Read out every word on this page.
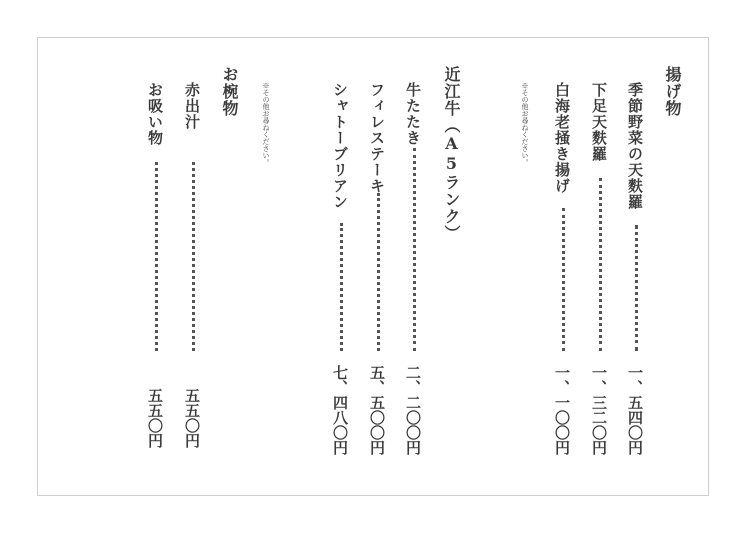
揚げ物
季節野菜の天麩羅
一、五四〇円
下足天麩羅
一、三二〇円
白海老掻き揚げ
一、一〇〇円
※その他お尋ねください。
近江牛（A5ランク）
牛たたき
二、二〇〇円
フィレステーキ
五、五〇〇円
シャトーブリアン
七、四八〇円
※その他お尋ねください。
お椀物
赤出汁
五五〇円
お吸い物
五五〇円
